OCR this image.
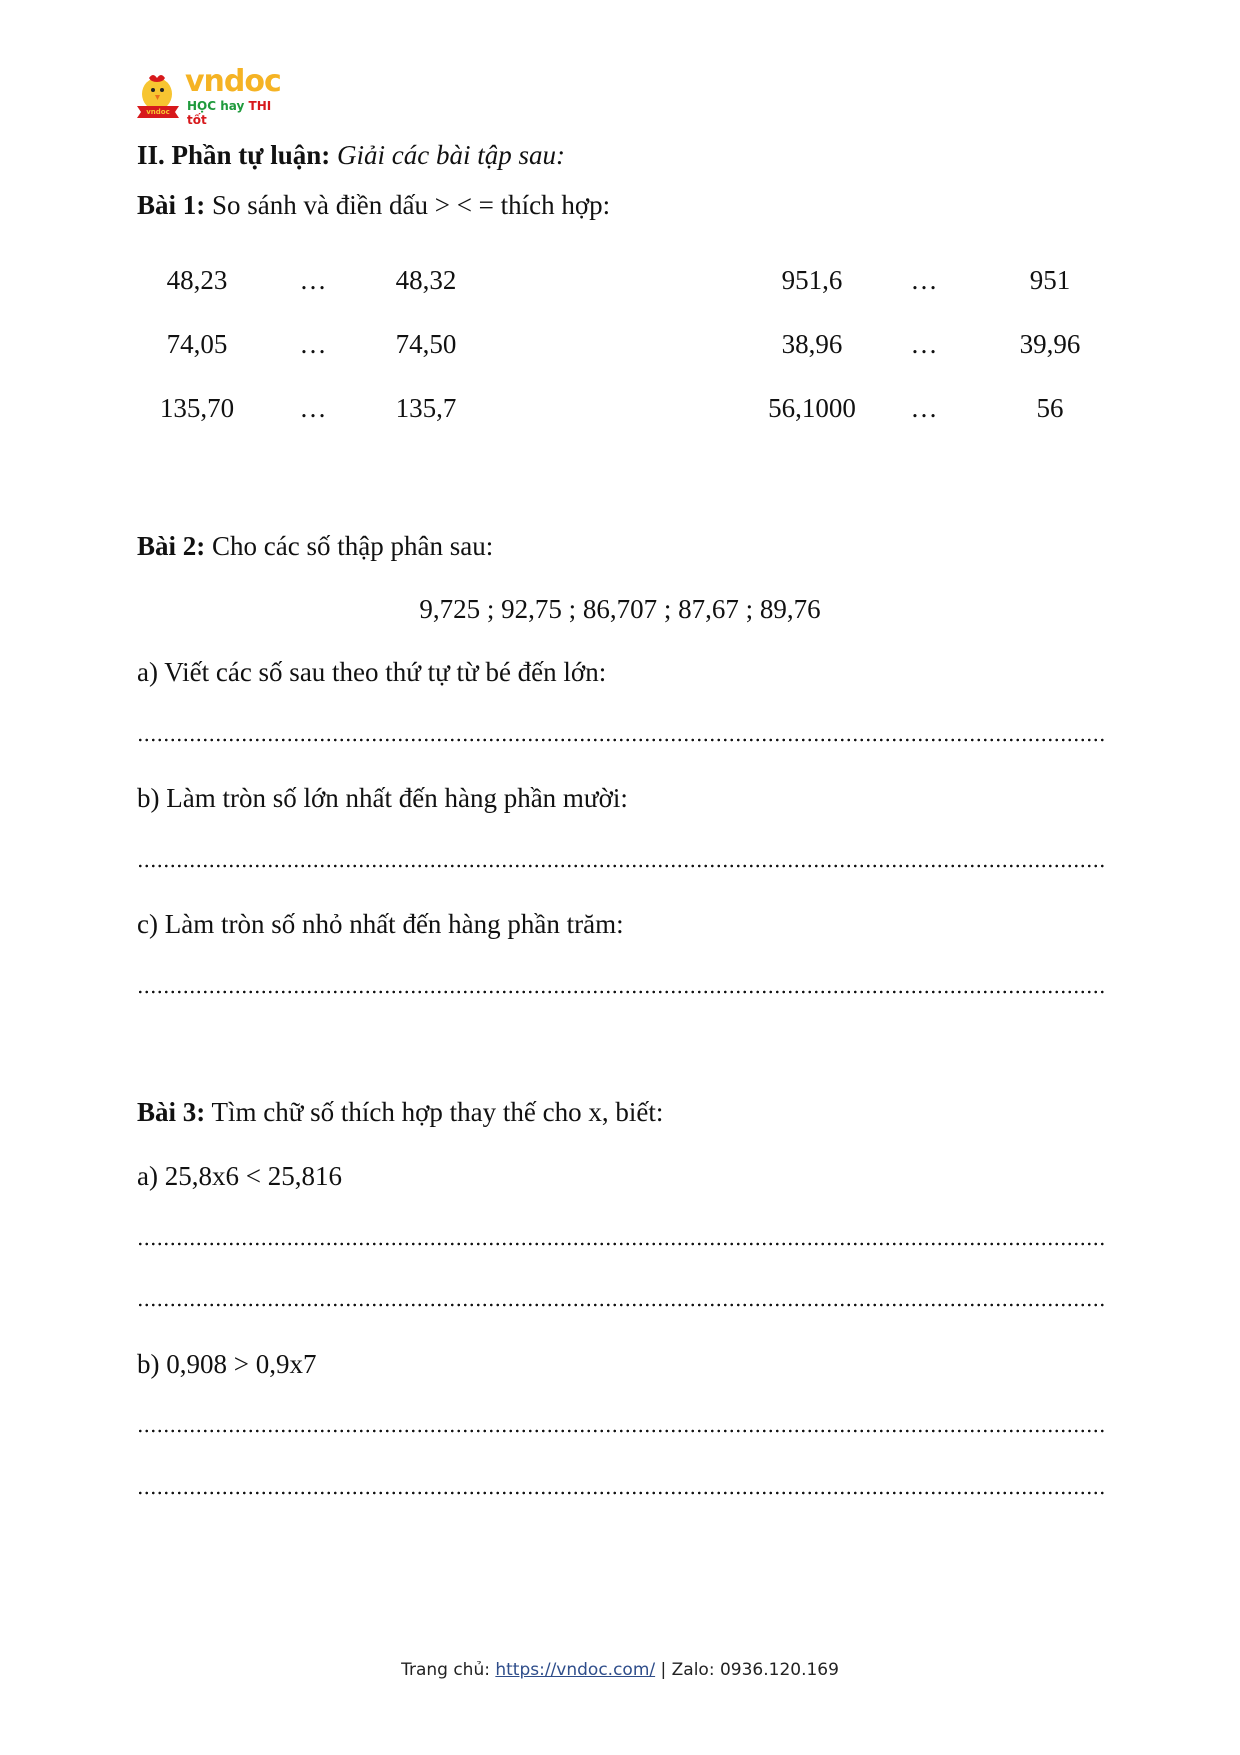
vndoc
vndoc
HỌC hay THI tốt
II. Phần tự luận: Giải các bài tập sau:
Bài 1: So sánh và điền dấu > < = thích hợp:
48,23	…	48,32
74,05	…	74,50
135,70	…	135,7
951,6	…	951
38,96	…	39,96
56,1000	…	56
Bài 2: Cho các số thập phân sau:
9,725 ; 92,75 ; 86,707 ; 87,67 ; 89,76
a) Viết các số sau theo thứ tự từ bé đến lớn:
b) Làm tròn số lớn nhất đến hàng phần mười:
c) Làm tròn số nhỏ nhất đến hàng phần trăm:
Bài 3: Tìm chữ số thích hợp thay thế cho x, biết:
a) 25,8x6 < 25,816
b) 0,908 > 0,9x7
Trang chủ: https://vndoc.com/ | Zalo: 0936.120.169
